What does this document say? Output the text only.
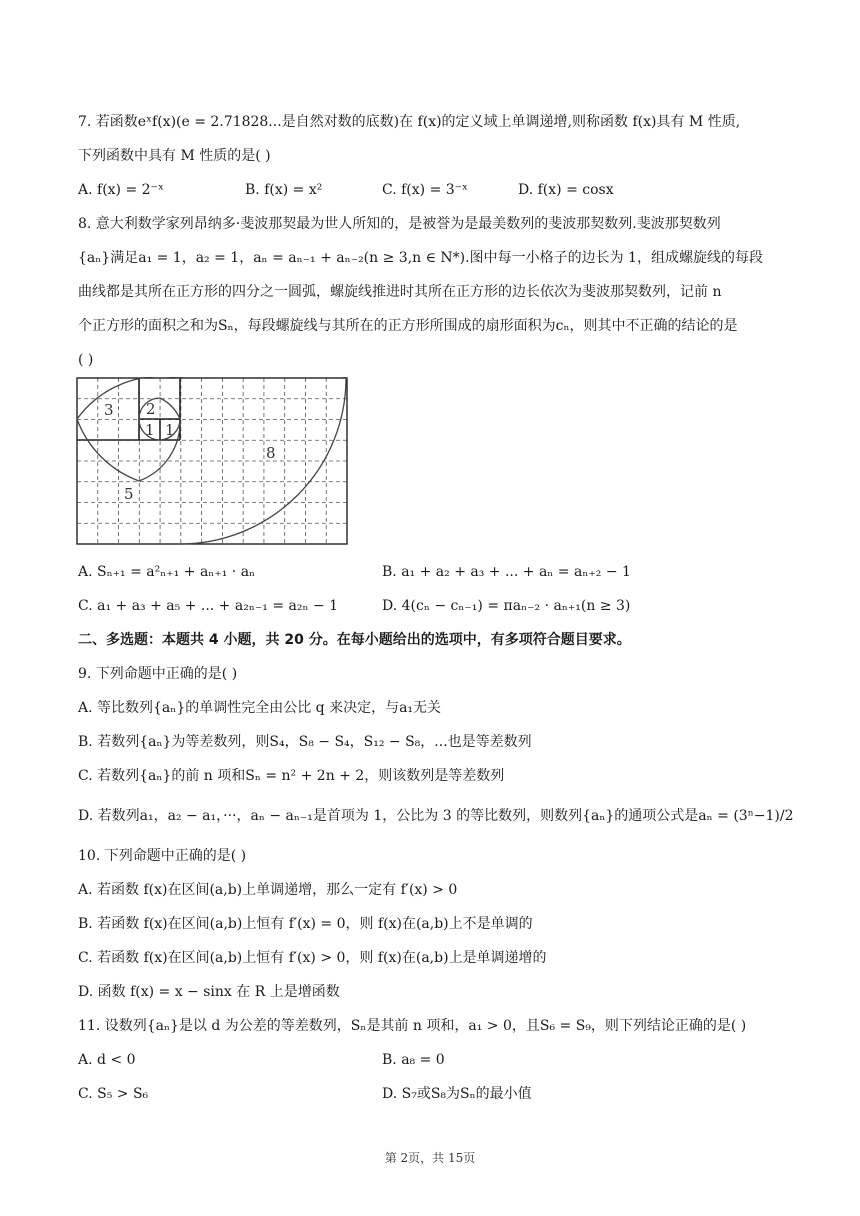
7. 若函数eˣf(x)(e = 2.71828...是自然对数的底数)在 f(x)的定义域上单调递增,则称函数 f(x)具有 M 性质,
下列函数中具有 M 性质的是( )
A. f(x) = 2⁻ˣ	B. f(x) = x²	C. f(x) = 3⁻ˣ	D. f(x) = cosx
8. 意大利数学家列昂纳多·斐波那契最为世人所知的，是被誉为是最美数列的斐波那契数列.斐波那契数列
{aₙ}满足a₁ = 1，a₂ = 1，aₙ = aₙ₋₁ + aₙ₋₂(n ≥ 3,n ∈ N*).图中每一小格子的边长为 1，组成螺旋线的每段
曲线都是其所在正方形的四分之一圆弧，螺旋线推进时其所在正方形的边长依次为斐波那契数列，记前 n
个正方形的面积之和为Sₙ，每段螺旋线与其所在的正方形所围成的扇形面积为cₙ，则其中不正确的结论的是
( )
3 2
1 1
8
5
A. Sₙ₊₁ = a²ₙ₊₁ + aₙ₊₁ · aₙ	B. a₁ + a₂ + a₃ + ... + aₙ = aₙ₊₂ − 1
C. a₁ + a₃ + a₅ + ... + a₂ₙ₋₁ = a₂ₙ − 1	D. 4(cₙ − cₙ₋₁) = πaₙ₋₂ · aₙ₊₁(n ≥ 3)
二、多选题：本题共 4 小题，共 20 分。在每小题给出的选项中，有多项符合题目要求。
9. 下列命题中正确的是( )
A. 等比数列{aₙ}的单调性完全由公比 q 来决定，与a₁无关
B. 若数列{aₙ}为等差数列，则S₄，S₈ − S₄，S₁₂ − S₈，...也是等差数列
C. 若数列{aₙ}的前 n 项和Sₙ = n² + 2n + 2，则该数列是等差数列
D. 若数列a₁，a₂ − a₁，···，aₙ − aₙ₋₁是首项为 1，公比为 3 的等比数列，则数列{aₙ}的通项公式是aₙ = (3ⁿ−1)/2
10. 下列命题中正确的是( )
A. 若函数 f(x)在区间(a,b)上单调递增，那么一定有 f′(x) > 0
B. 若函数 f(x)在区间(a,b)上恒有 f′(x) = 0，则 f(x)在(a,b)上不是单调的
C. 若函数 f(x)在区间(a,b)上恒有 f′(x) > 0，则 f(x)在(a,b)上是单调递增的
D. 函数 f(x) = x − sinx 在 R 上是增函数
11. 设数列{aₙ}是以 d 为公差的等差数列，Sₙ是其前 n 项和，a₁ > 0，且S₆ = S₉，则下列结论正确的是( )
A. d < 0	B. a₈ = 0
C. S₅ > S₆	D. S₇或S₈为Sₙ的最小值
第 2页，共 15页
